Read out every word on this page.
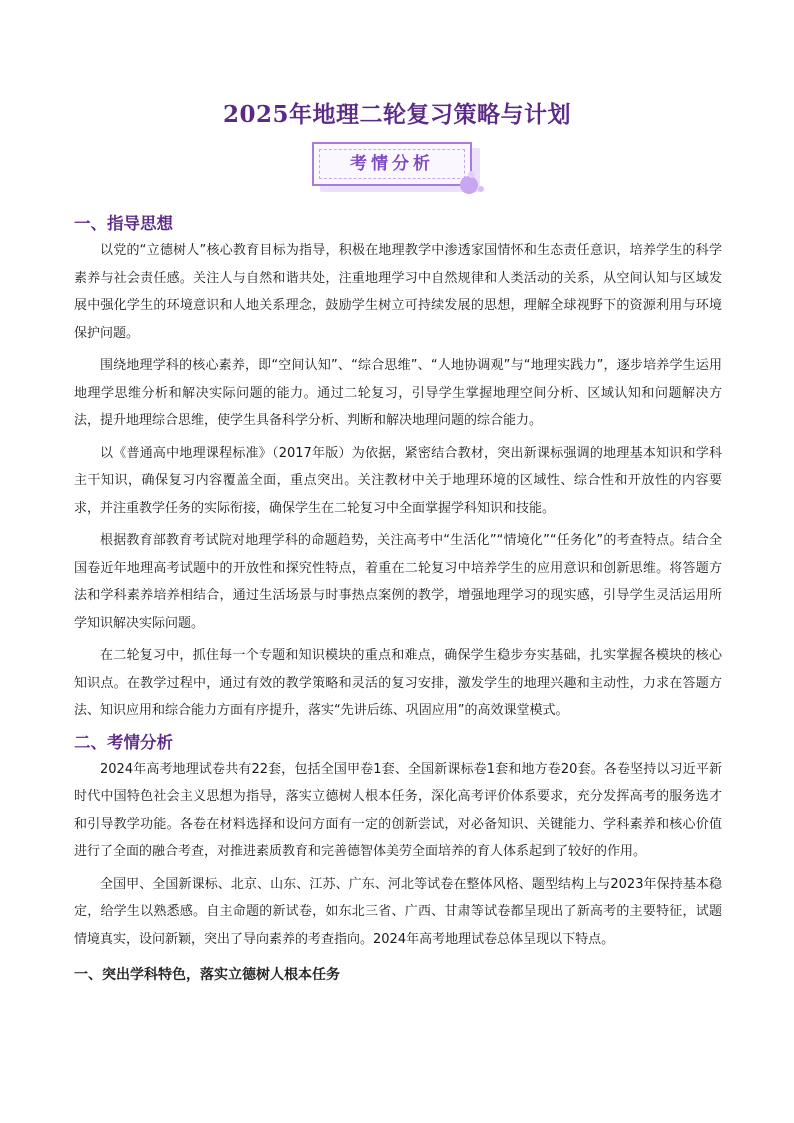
2025年地理二轮复习策略与计划
考情分析
一、指导思想

以党的“立德树人”核心教育目标为指导，积极在地理教学中渗透家国情怀和生态责任意识，培养学生的科学素养与社会责任感。关注人与自然和谐共处，注重地理学习中自然规律和人类活动的关系，从空间认知与区域发展中强化学生的环境意识和人地关系理念，鼓励学生树立可持续发展的思想，理解全球视野下的资源利用与环境保护问题。

围绕地理学科的核心素养，即“空间认知”、“综合思维”、“人地协调观”与“地理实践力”，逐步培养学生运用地理学思维分析和解决实际问题的能力。通过二轮复习，引导学生掌握地理空间分析、区域认知和问题解决方法，提升地理综合思维，使学生具备科学分析、判断和解决地理问题的综合能力。

以《普通高中地理课程标准》（2017年版）为依据，紧密结合教材，突出新课标强调的地理基本知识和学科主干知识，确保复习内容覆盖全面，重点突出。关注教材中关于地理环境的区域性、综合性和开放性的内容要求，并注重教学任务的实际衔接，确保学生在二轮复习中全面掌握学科知识和技能。

根据教育部教育考试院对地理学科的命题趋势，关注高考中“生活化”“情境化”“任务化”的考查特点。结合全国卷近年地理高考试题中的开放性和探究性特点，着重在二轮复习中培养学生的应用意识和创新思维。将答题方法和学科素养培养相结合，通过生活场景与时事热点案例的教学，增强地理学习的现实感，引导学生灵活运用所学知识解决实际问题。

在二轮复习中，抓住每一个专题和知识模块的重点和难点，确保学生稳步夯实基础，扎实掌握各模块的核心知识点。在教学过程中，通过有效的教学策略和灵活的复习安排，激发学生的地理兴趣和主动性，力求在答题方法、知识应用和综合能力方面有序提升，落实“先讲后练、巩固应用”的高效课堂模式。

二、考情分析

2024年高考地理试卷共有22套，包括全国甲卷1套、全国新课标卷1套和地方卷20套。各卷坚持以习近平新时代中国特色社会主义思想为指导，落实立德树人根本任务，深化高考评价体系要求，充分发挥高考的服务选才和引导教学功能。各卷在材料选择和设问方面有一定的创新尝试，对必备知识、关键能力、学科素养和核心价值进行了全面的融合考查，对推进素质教育和完善德智体美劳全面培养的育人体系起到了较好的作用。

全国甲、全国新课标、北京、山东、江苏、广东、河北等试卷在整体风格、题型结构上与2023年保持基本稳定，给学生以熟悉感。自主命题的新试卷，如东北三省、广西、甘肃等试卷都呈现出了新高考的主要特征，试题情境真实，设问新颖，突出了导向素养的考查指向。2024年高考地理试卷总体呈现以下特点。

一、突出学科特色，落实立德树人根本任务
